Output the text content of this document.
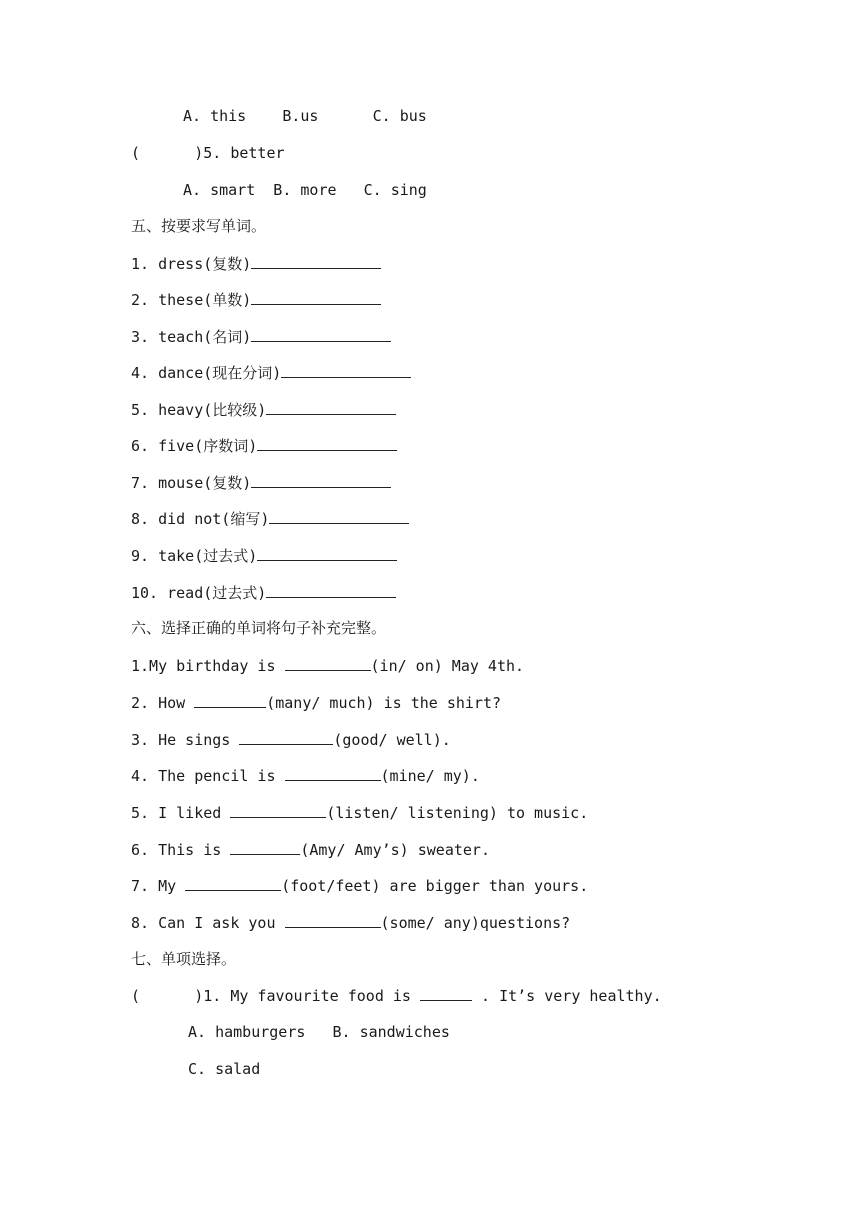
A. this    B.us      C. bus
(      )5. better
A. smart  B. more   C. sing
五、按要求写单词。
1. dress(复数)
2. these(单数)
3. teach(名词)
4. dance(现在分词)
5. heavy(比较级)
6. five(序数词)
7. mouse(复数)
8. did not(缩写)
9. take(过去式)
10. read(过去式)
六、选择正确的单词将句子补充完整。
1.My birthday is	(in/ on) May 4th.
2. How	(many/ much) is the shirt?
3. He sings	(good/ well).
4. The pencil is	(mine/ my).
5. I liked	(listen/ listening) to music.
6. This is	(Amy/ Amy’s) sweater.
7. My	(foot/feet) are bigger than yours.
8. Can I ask you	(some/ any)questions?
七、单项选择。
(      )1. My favourite food is	. It’s very healthy.
A. hamburgers   B. sandwiches
C. salad
